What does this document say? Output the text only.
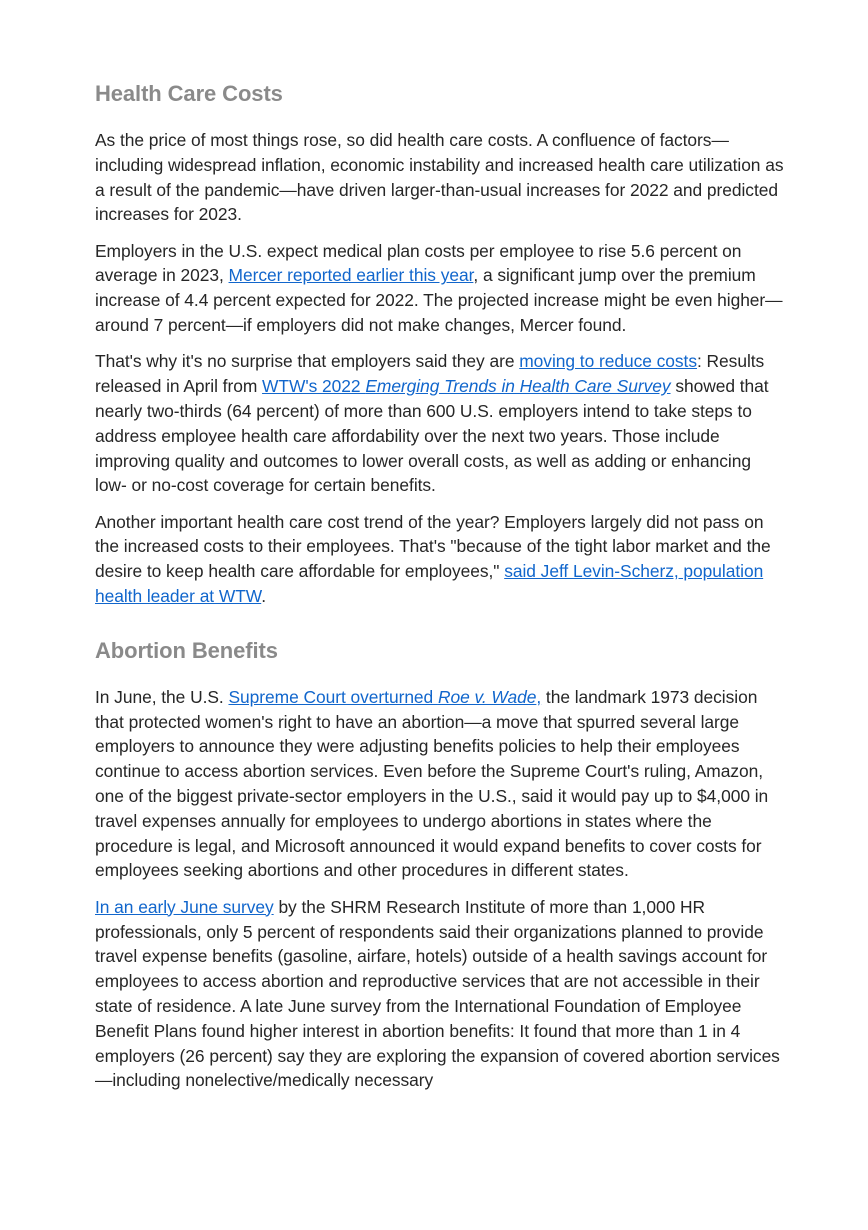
Health Care Costs

As the price of most things rose, so did health care costs. A confluence of factors—including widespread inflation, economic instability and increased health care utilization as a result of the pandemic—have driven larger-than-usual increases for 2022 and predicted increases for 2023.

Employers in the U.S. expect medical plan costs per employee to rise 5.6 percent on average in 2023, Mercer reported earlier this year, a significant jump over the premium increase of 4.4 percent expected for 2022. The projected increase might be even higher—around 7 percent—if employers did not make changes, Mercer found.

That's why it's no surprise that employers said they are moving to reduce costs: Results released in April from WTW's 2022 Emerging Trends in Health Care Survey showed that nearly two-thirds (64 percent) of more than 600 U.S. employers intend to take steps to address employee health care affordability over the next two years. Those include improving quality and outcomes to lower overall costs, as well as adding or enhancing low- or no-cost coverage for certain benefits.

Another important health care cost trend of the year? Employers largely did not pass on the increased costs to their employees. That's "because of the tight labor market and the desire to keep health care affordable for employees," said Jeff Levin-Scherz, population health leader at WTW.

Abortion Benefits

In June, the U.S. Supreme Court overturned Roe v. Wade, the landmark 1973 decision that protected women's right to have an abortion—a move that spurred several large employers to announce they were adjusting benefits policies to help their employees continue to access abortion services. Even before the Supreme Court's ruling, Amazon, one of the biggest private-sector employers in the U.S., said it would pay up to $4,000 in travel expenses annually for employees to undergo abortions in states where the procedure is legal, and Microsoft announced it would expand benefits to cover costs for employees seeking abortions and other procedures in different states.

In an early June survey by the SHRM Research Institute of more than 1,000 HR professionals, only 5 percent of respondents said their organizations planned to provide travel expense benefits (gasoline, airfare, hotels) outside of a health savings account for employees to access abortion and reproductive services that are not accessible in their state of residence. A late June survey from the International Foundation of Employee Benefit Plans found higher interest in abortion benefits: It found that more than 1 in 4 employers (26 percent) say they are exploring the expansion of covered abortion services—including nonelective/medically necessary
